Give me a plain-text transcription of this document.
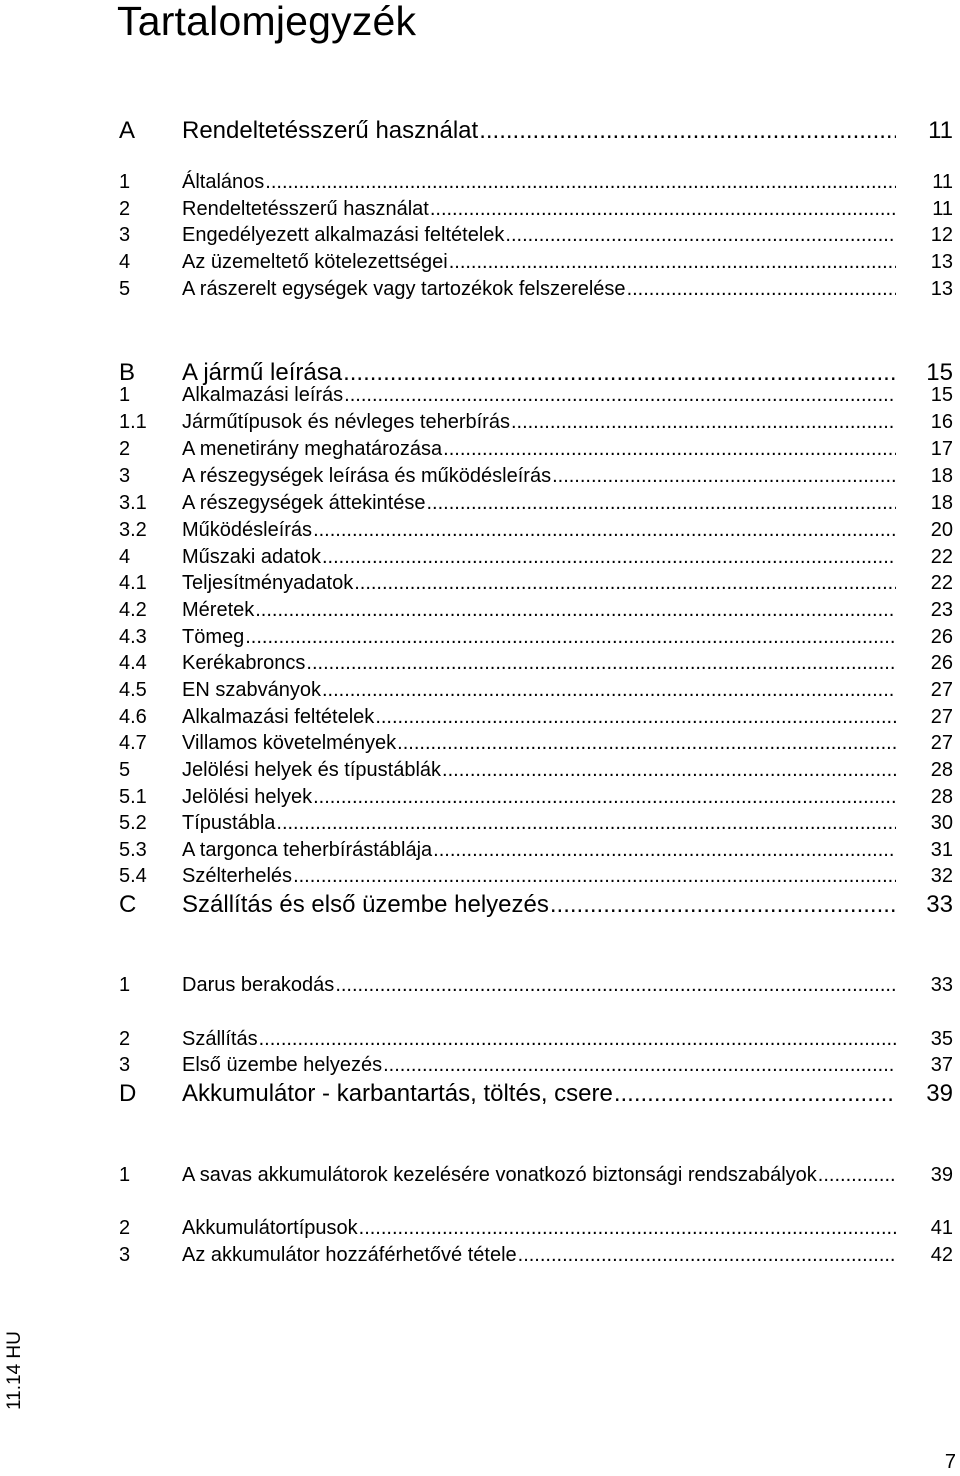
Tartalomjegyzék
A Rendeltetésszerű használat .....	11
1	Általános .....	11
2	Rendeltetésszerű használat .....	11
3	Engedélyezett alkalmazási feltételek .....	12
4	Az üzemeltető kötelezettségei .....	13
5	A rászerelt egységek vagy tartozékok felszerelése .....	13
B A jármű leírása .....	15
1	Alkalmazási leírás .....	15
1.1 Járműtípusok és névleges teherbírás .....	16
2	A menetirány meghatározása .....	17
3	A részegységek leírása és működésleírás .....	18
3.1 A részegységek áttekintése .....	18
3.2 Működésleírás .....	20
4	Műszaki adatok .....	22
4.1 Teljesítményadatok .....	22
4.2 Méretek .....	23
4.3 Tömeg .....	26
4.4 Kerékabroncs .....	26
4.5 EN szabványok .....	27
4.6 Alkalmazási feltételek .....	27
4.7 Villamos követelmények .....	27
5	Jelölési helyek és típustáblák .....	28
5.1 Jelölési helyek .....	28
5.2 Típustábla .....	30
5.3 A targonca teherbírástáblája .....	31
5.4 Szélterhelés .....	32
C Szállítás és első üzembe helyezés .....	33
1	Darus berakodás .....	33
2	Szállítás .....	35
3	Első üzembe helyezés .....	37
D Akkumulátor - karbantartás, töltés, csere .....	39
1	A savas akkumulátorok kezelésére vonatkozó biztonsági rendszabályok .....	39
2	Akkumulátortípusok .....	41
3	Az akkumulátor hozzáférhetővé tétele .....	42
11.14 HU
7
